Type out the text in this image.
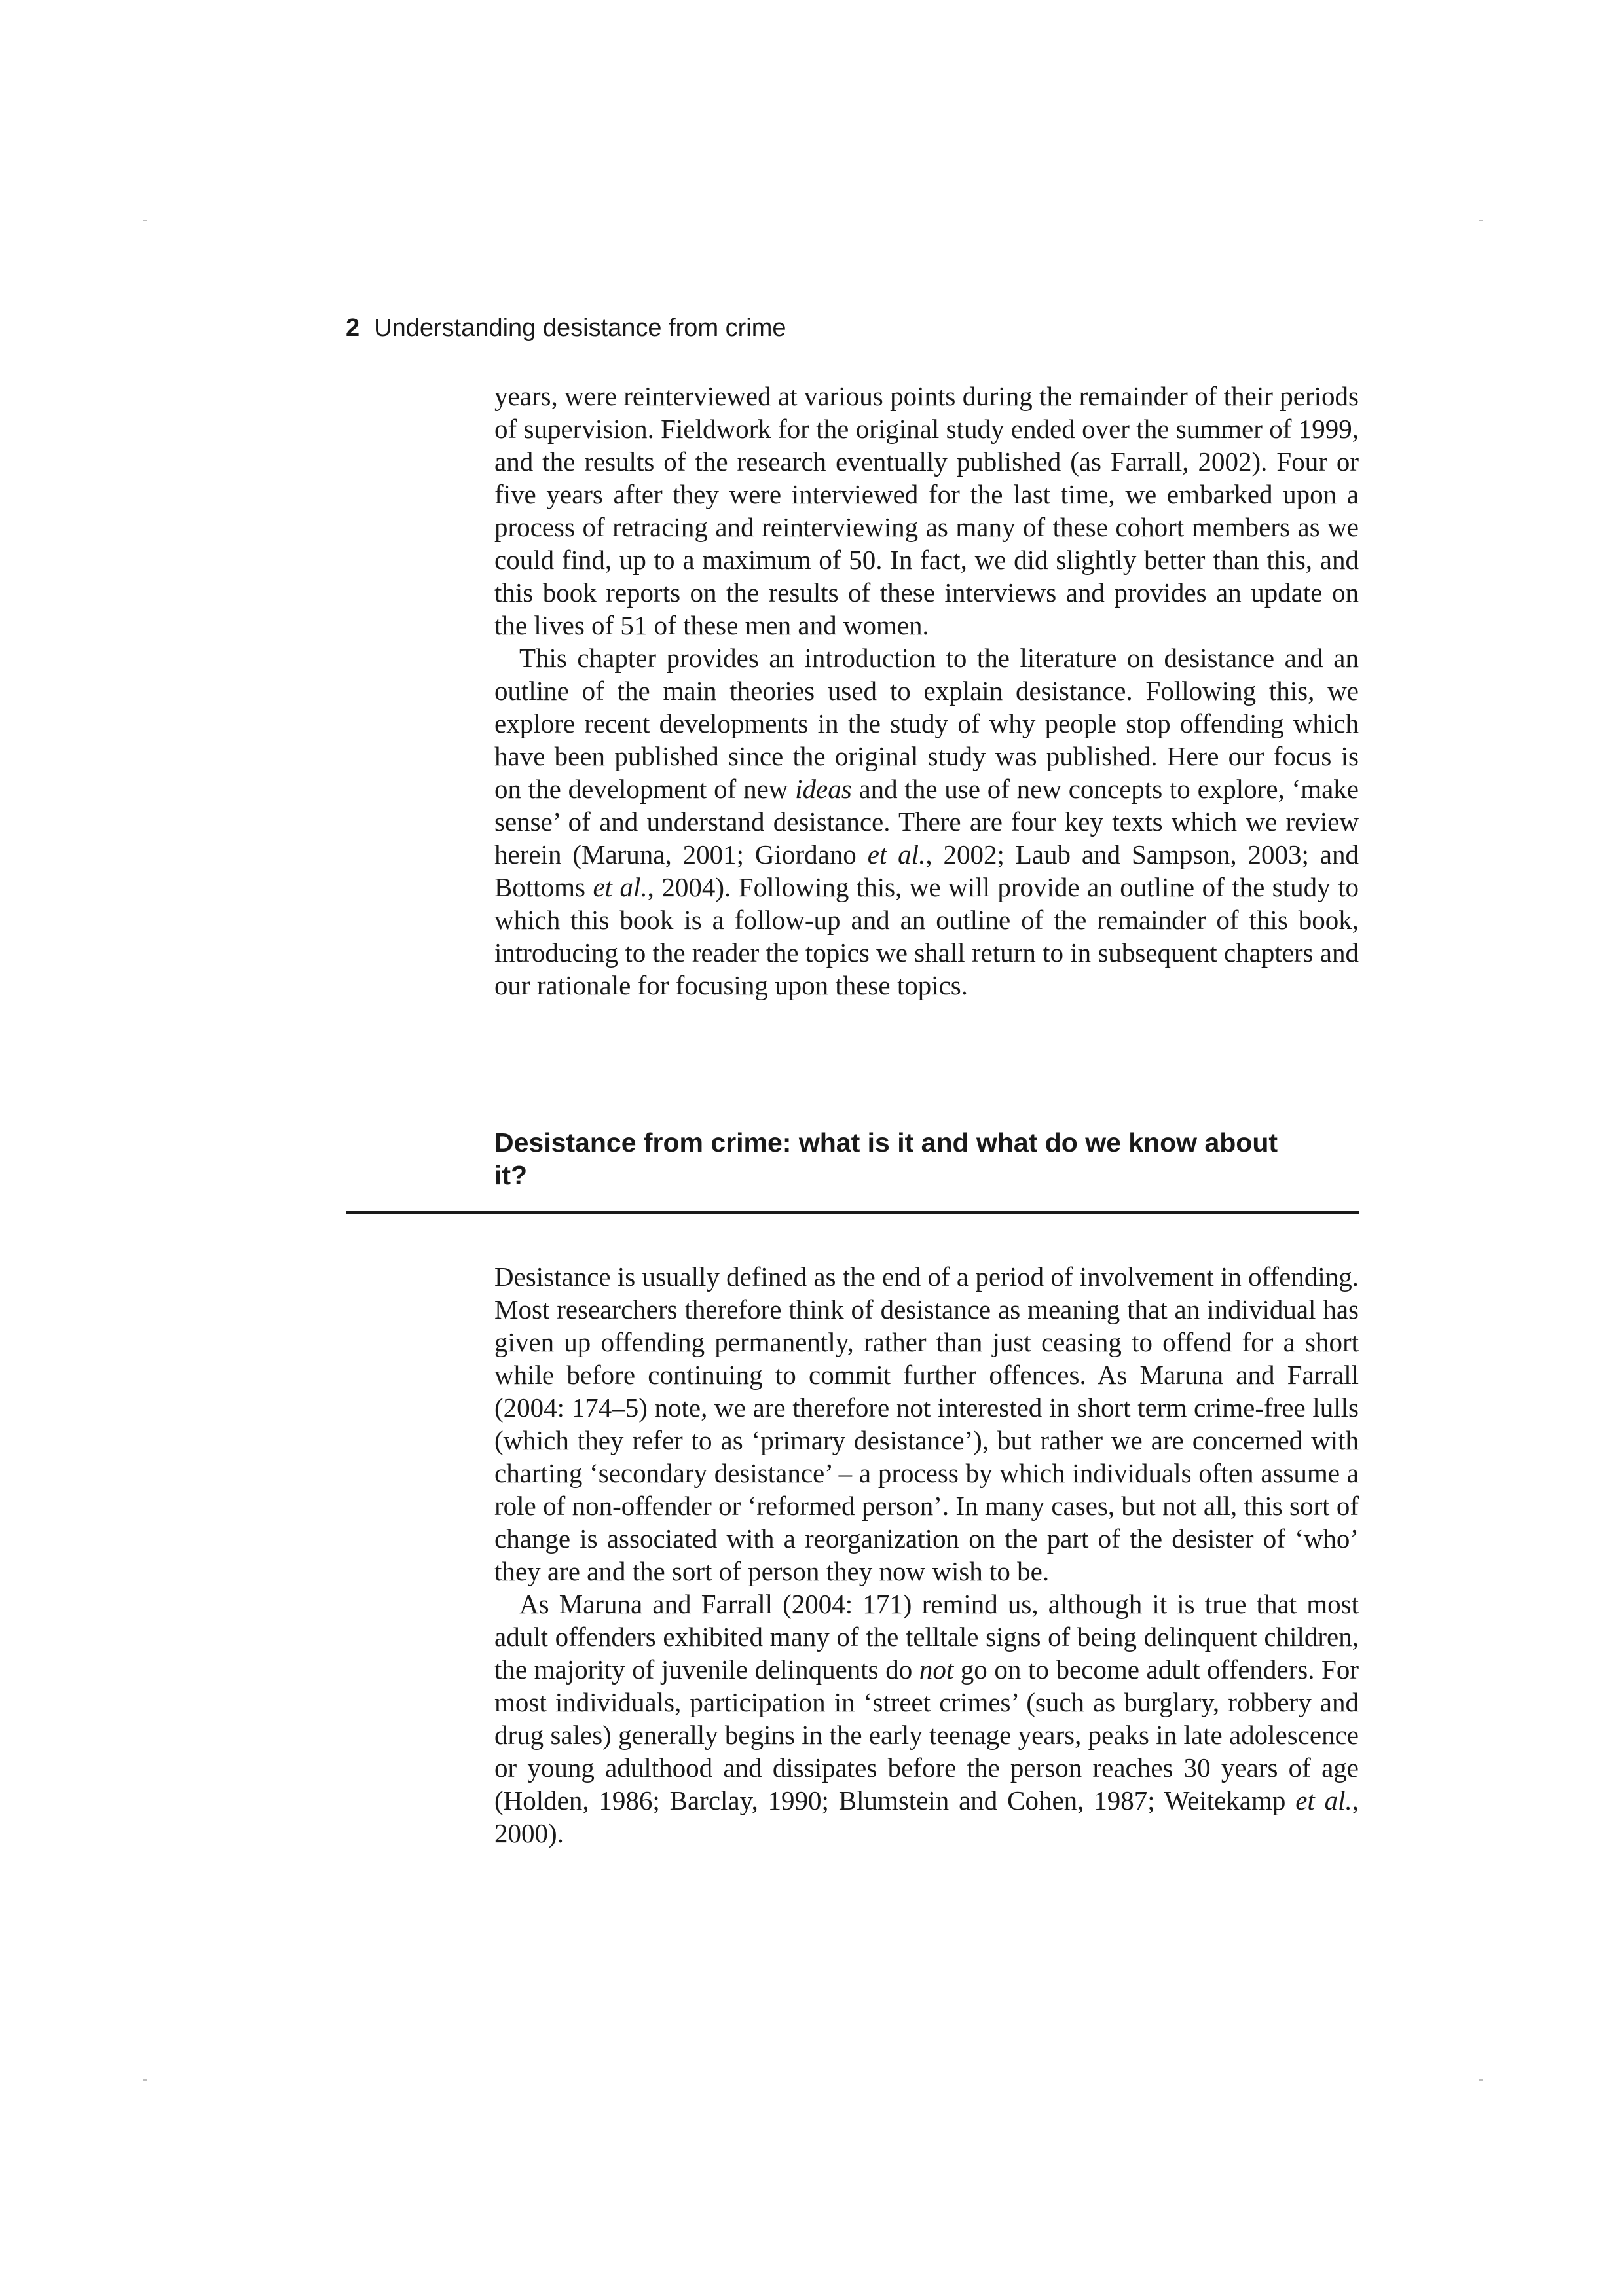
2 Understanding desistance from crime

years, were reinterviewed at various points during the remainder of their periods of supervision. Fieldwork for the original study ended over the summer of 1999, and the results of the research eventually published (as Farrall, 2002). Four or five years after they were interviewed for the last time, we embarked upon a process of retracing and reinterviewing as many of these cohort members as we could find, up to a maximum of 50. In fact, we did slightly better than this, and this book reports on the results of these interviews and provides an update on the lives of 51 of these men and women.

This chapter provides an introduction to the literature on desistance and an outline of the main theories used to explain desistance. Following this, we explore recent developments in the study of why people stop offending which have been published since the original study was published. Here our focus is on the development of new ideas and the use of new concepts to explore, ‘make sense’ of and understand desistance. There are four key texts which we review herein (Maruna, 2001; Giordano et al., 2002; Laub and Sampson, 2003; and Bottoms et al., 2004). Following this, we will provide an outline of the study to which this book is a follow-up and an outline of the remainder of this book, introducing to the reader the topics we shall return to in subsequent chapters and our rationale for focusing upon these topics.

Desistance from crime: what is it and what do we know about it?

Desistance is usually defined as the end of a period of involvement in offending. Most researchers therefore think of desistance as meaning that an individual has given up offending permanently, rather than just ceasing to offend for a short while before continuing to commit further offences. As Maruna and Farrall (2004: 174–5) note, we are therefore not interested in short term crime-free lulls (which they refer to as ‘primary desistance’), but rather we are concerned with charting ‘secondary desistance’ – a process by which individuals often assume a role of non-offender or ‘reformed person’. In many cases, but not all, this sort of change is associated with a reorganization on the part of the desister of ‘who’ they are and the sort of person they now wish to be.

As Maruna and Farrall (2004: 171) remind us, although it is true that most adult offenders exhibited many of the telltale signs of being delinquent children, the majority of juvenile delinquents do not go on to become adult offenders. For most individuals, participation in ‘street crimes’ (such as burglary, robbery and drug sales) generally begins in the early teenage years, peaks in late adolescence or young adulthood and dissipates before the person reaches 30 years of age (Holden, 1986; Barclay, 1990; Blumstein and Cohen, 1987; Weitekamp et al., 2000).
